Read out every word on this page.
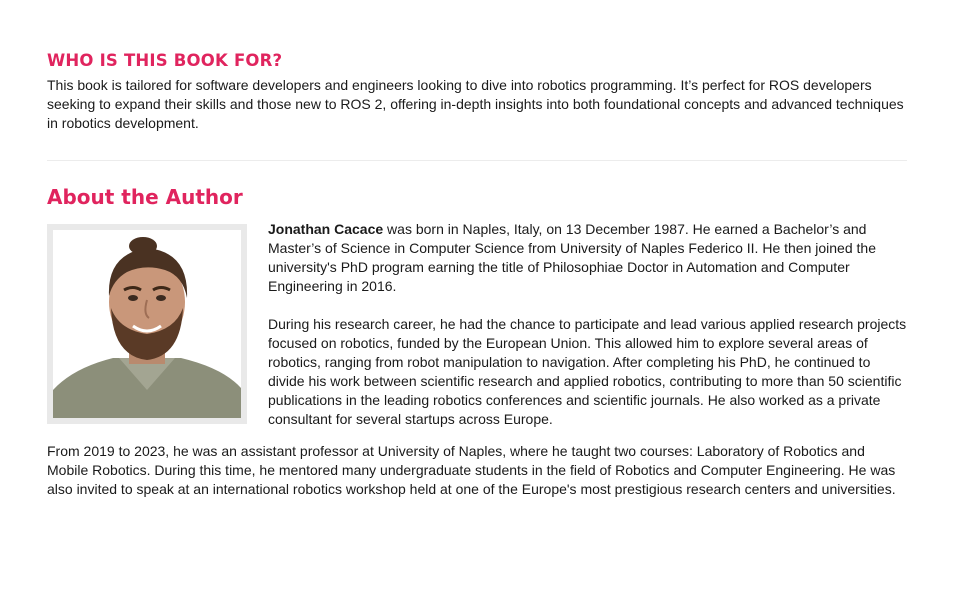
WHO IS THIS BOOK FOR?

This book is tailored for software developers and engineers looking to dive into robotics programming. It’s perfect for ROS developers seeking to expand their skills and those new to ROS 2, offering in-depth insights into both foundational concepts and advanced techniques in robotics development.

About the Author

Jonathan Cacace was born in Naples, Italy, on 13 December 1987. He earned a Bachelor’s and Master’s of Science in Computer Science from University of Naples Federico II. He then joined the university's PhD program earning the title of Philosophiae Doctor in Automation and Computer Engineering in 2016.

During his research career, he had the chance to participate and lead various applied research projects focused on robotics, funded by the European Union. This allowed him to explore several areas of robotics, ranging from robot manipulation to navigation. After completing his PhD, he continued to divide his work between scientific research and applied robotics, contributing to more than 50 scientific publications in the leading robotics conferences and scientific journals. He also worked as a private consultant for several startups across Europe.

From 2019 to 2023, he was an assistant professor at University of Naples, where he taught two courses: Laboratory of Robotics and Mobile Robotics. During this time, he mentored many undergraduate students in the field of Robotics and Computer Engineering. He was also invited to speak at an international robotics workshop held at one of the Europe's most prestigious research centers and universities.
